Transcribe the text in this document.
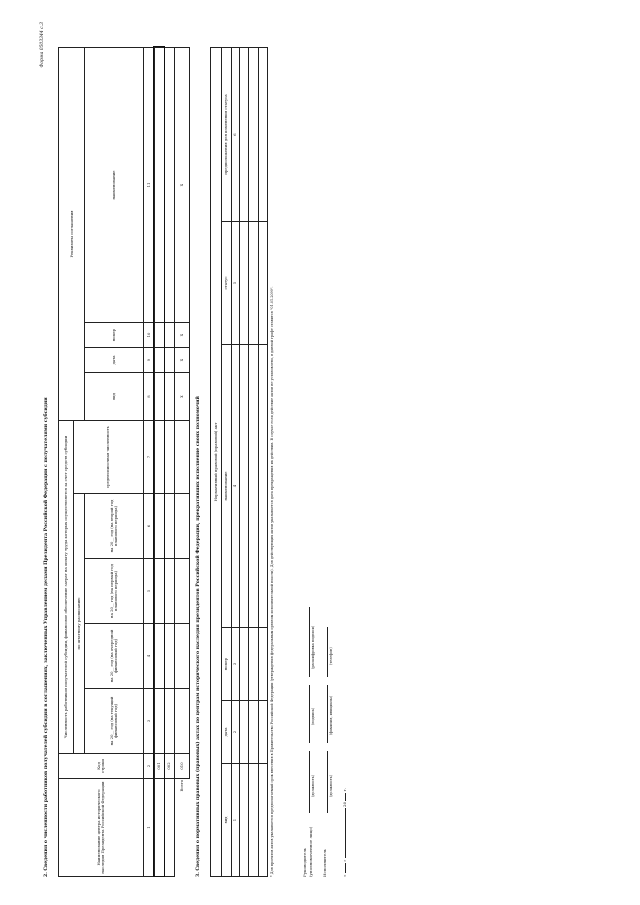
Форма 0503344 с.3
2. Сведения о численности работников получателей субсидии в соглашениях, заключенных Управлением делами Президента Российской Федерации с получателями субсидии	Наименование центра исторического наследия Президента Российской Федерации	Код строки	Численность работников получателей субсидии, финансовое обеспечение затрат на оплату труда которых осуществляется за счет средств субсидии					Реквизиты соглашения			
		по штатному расписанию				среднесписочная численность				
		на 20__ год (на текущий финансовый год)	на 20__ год (на очередной финансовый год)	на 20__ год (на первый год планового периода)	на 20__ год (на второй год планового периода)		вид	дата	номер	наименование
1	2	3	4	5	6	7	8	9	10	11
	001									
	002									
Всего	010						x	x	x	x
3. Сведения о нормативных правовых (правовых) актах по центрам исторического наследия президентов Российской Федерации, прекративших исполнение своих полномочий	Нормативный правовой (правовой) акт					
вид	дата	номер	наименование	статус	предположения для изменения статуса
1	2	3	4	5	6

* Для проектов актов указывается предполагаемый срок внесения в Правительство Российской Федерации (утверждения федеральным органом исполнительной власти). Для действующих актов указывается дата прекращения их действия. В случае если действие актов не установлено, в данной графе ставится "01.01.2099".	Руководитель (уполномоченное лицо)
(должность)
(подпись)
(расшифровка подписи)
Исполнитель
(должность)
(фамилия, инициалы)
(телефон)
«  »  20  г.
